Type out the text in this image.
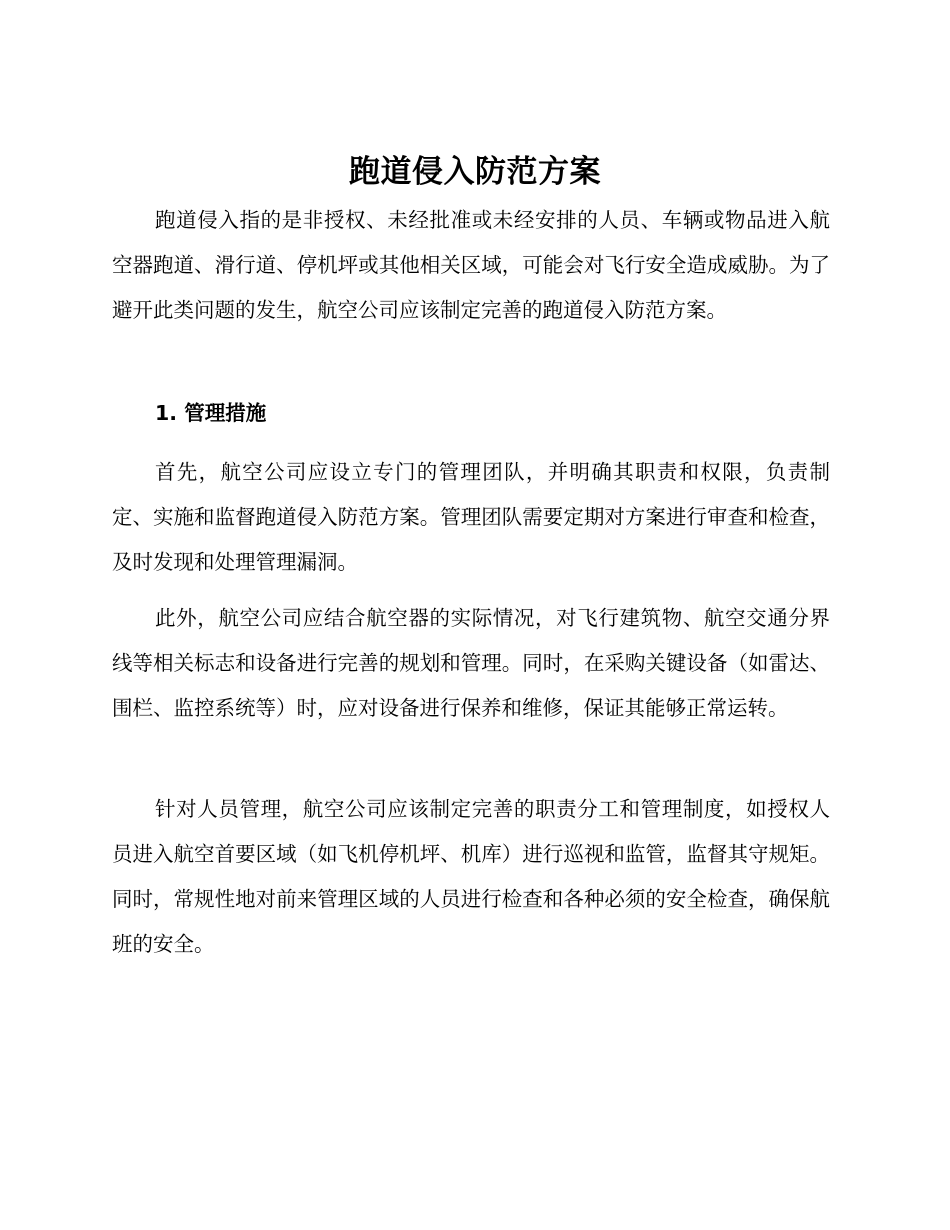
跑道侵入防范方案

跑道侵入指的是非授权、未经批准或未经安排的人员、车辆或物品进入航空器跑道、滑行道、停机坪或其他相关区域，可能会对飞行安全造成威胁。为了避开此类问题的发生，航空公司应该制定完善的跑道侵入防范方案。

1. 管理措施

首先，航空公司应设立专门的管理团队，并明确其职责和权限，负责制定、实施和监督跑道侵入防范方案。管理团队需要定期对方案进行审查和检查，及时发现和处理管理漏洞。

此外，航空公司应结合航空器的实际情况，对飞行建筑物、航空交通分界线等相关标志和设备进行完善的规划和管理。同时，在采购关键设备（如雷达、围栏、监控系统等）时，应对设备进行保养和维修，保证其能够正常运转。

针对人员管理，航空公司应该制定完善的职责分工和管理制度，如授权人员进入航空首要区域（如飞机停机坪、机库）进行巡视和监管，监督其守规矩。同时，常规性地对前来管理区域的人员进行检查和各种必须的安全检查，确保航班的安全。
